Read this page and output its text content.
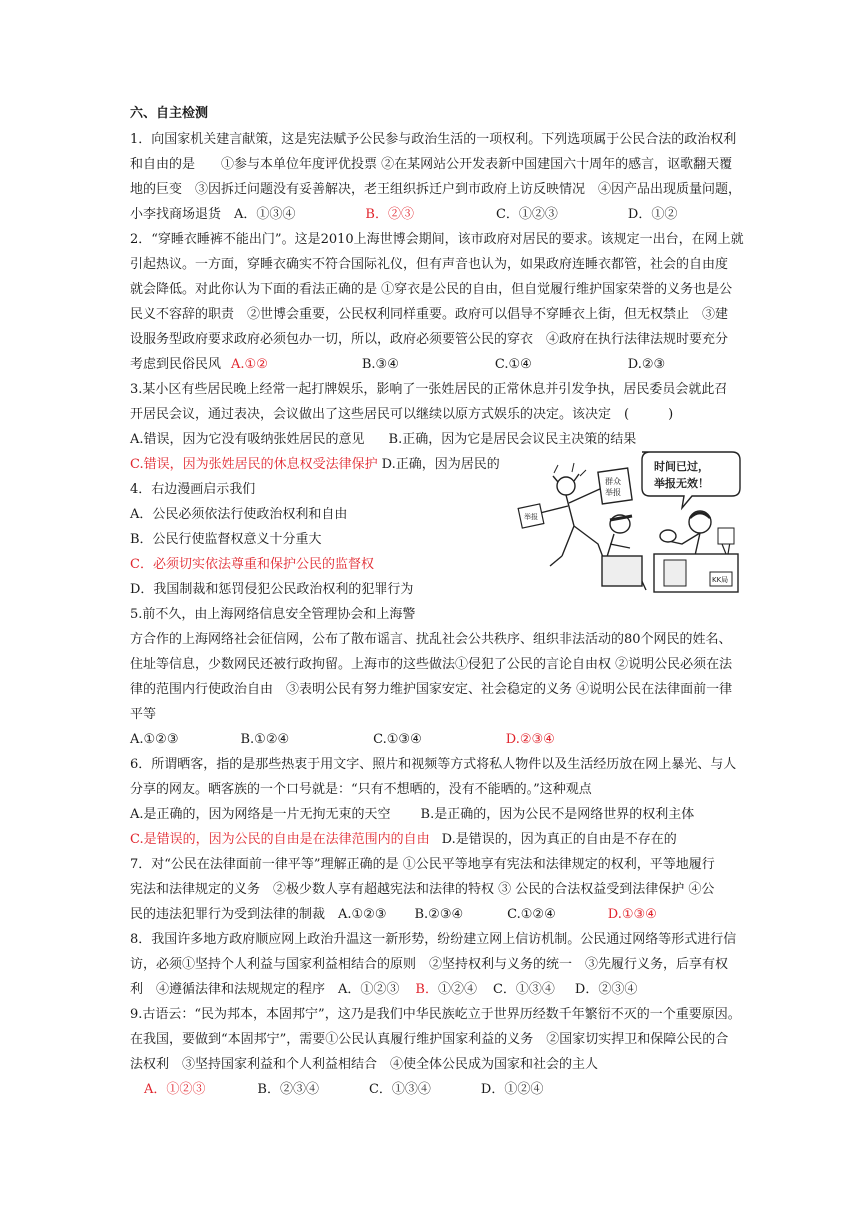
六、自主检测
1．向国家机关建言献策，这是宪法赋予公民参与政治生活的一项权利。下列选项属于公民合法的政治权利
和自由的是　　①参与本单位年度评优投票 ②在某网站公开发表新中国建国六十周年的感言，讴歌翻天覆
地的巨变　③因拆迁问题没有妥善解决，老王组织拆迁户到市政府上访反映情况　④因产品出现质量问题，
小李找商场退货　A．①③④	B．②③	C．①②③	D．①②
2．“穿睡衣睡裤不能出门”。这是2010上海世博会期间，该市政府对居民的要求。该规定一出台，在网上就
引起热议。一方面，穿睡衣确实不符合国际礼仪，但有声音也认为，如果政府连睡衣都管，社会的自由度
就会降低。对此你认为下面的看法正确的是 ①穿衣是公民的自由，但自觉履行维护国家荣誉的义务也是公
民义不容辞的职责　②世博会重要，公民权利同样重要。政府可以倡导不穿睡衣上街，但无权禁止　③建
设服务型政府要求政府必须包办一切，所以，政府必须要管公民的穿衣　④政府在执行法律法规时要充分
考虑到民俗民风 A.①②	B.③④	C.①④	D.②③
3.某小区有些居民晚上经常一起打牌娱乐，影响了一张姓居民的正常休息并引发争执，居民委员会就此召
开居民会议，通过表决，会议做出了这些居民可以继续以原方式娱乐的决定。该决定　(　　　)
A.错误，因为它没有吸纳张姓居民的意见 B.正确，因为它是居民会议民主决策的结果
C.错误，因为张姓居民的休息权受法律保护 D.正确，因为居民的
4．右边漫画启示我们
A．公民必须依法行使政治权利和自由
B．公民行使监督权意义十分重大
C．必须切实依法尊重和保护公民的监督权
D．我国制裁和惩罚侵犯公民政治权利的犯罪行为
5.前不久，由上海网络信息安全管理协会和上海警
方合作的上海网络社会征信网，公布了散布谣言、扰乱社会公共秩序、组织非法活动的80个网民的姓名、
住址等信息，少数网民还被行政拘留。上海市的这些做法①侵犯了公民的言论自由权 ②说明公民必须在法
律的范围内行使政治自由　③表明公民有努力维护国家安定、社会稳定的义务 ④说明公民在法律面前一律
平等
A.①②③	B.①②④	C.①③④	D.②③④
6．所谓晒客，指的是那些热衷于用文字、照片和视频等方式将私人物件以及生活经历放在网上暴光、与人
分享的网友。晒客族的一个口号就是：“只有不想晒的，没有不能晒的。”这种观点
A.是正确的，因为网络是一片无拘无束的天空 B.是正确的，因为公民不是网络世界的权利主体
C.是错误的，因为公民的自由是在法律范围内的自由 D.是错误的，因为真正的自由是不存在的
7．对“公民在法律面前一律平等”理解正确的是 ①公民平等地享有宪法和法律规定的权利，平等地履行
宪法和法律规定的义务　②极少数人享有超越宪法和法律的特权 ③ 公民的合法权益受到法律保护 ④公
民的违法犯罪行为受到法律的制裁　A.①②③ B.②③④	C.①②④	D.①③④
8．我国许多地方政府顺应网上政治升温这一新形势，纷纷建立网上信访机制。公民通过网络等形式进行信
访，必须①坚持个人利益与国家利益相结合的原则　②坚持权利与义务的统一　③先履行义务，后享有权
利　④遵循法律和法规规定的程序　A．①②③ B．①②④ C．①③④ D．②③④
9.古语云：“民为邦本，本固邦宁”，这乃是我们中华民族屹立于世界历经数千年繁衍不灭的一个重要原因。
在我国，要做到“本固邦宁”，需要①公民认真履行维护国家利益的义务　②国家切实捍卫和保障公民的合
法权利　③坚持国家利益和个人利益相结合　④使全体公民成为国家和社会的主人
A．①②③	B．②③④	C．①③④	D．①②④
举报
群众
举报
时间已过，
举报无效！
KK局
